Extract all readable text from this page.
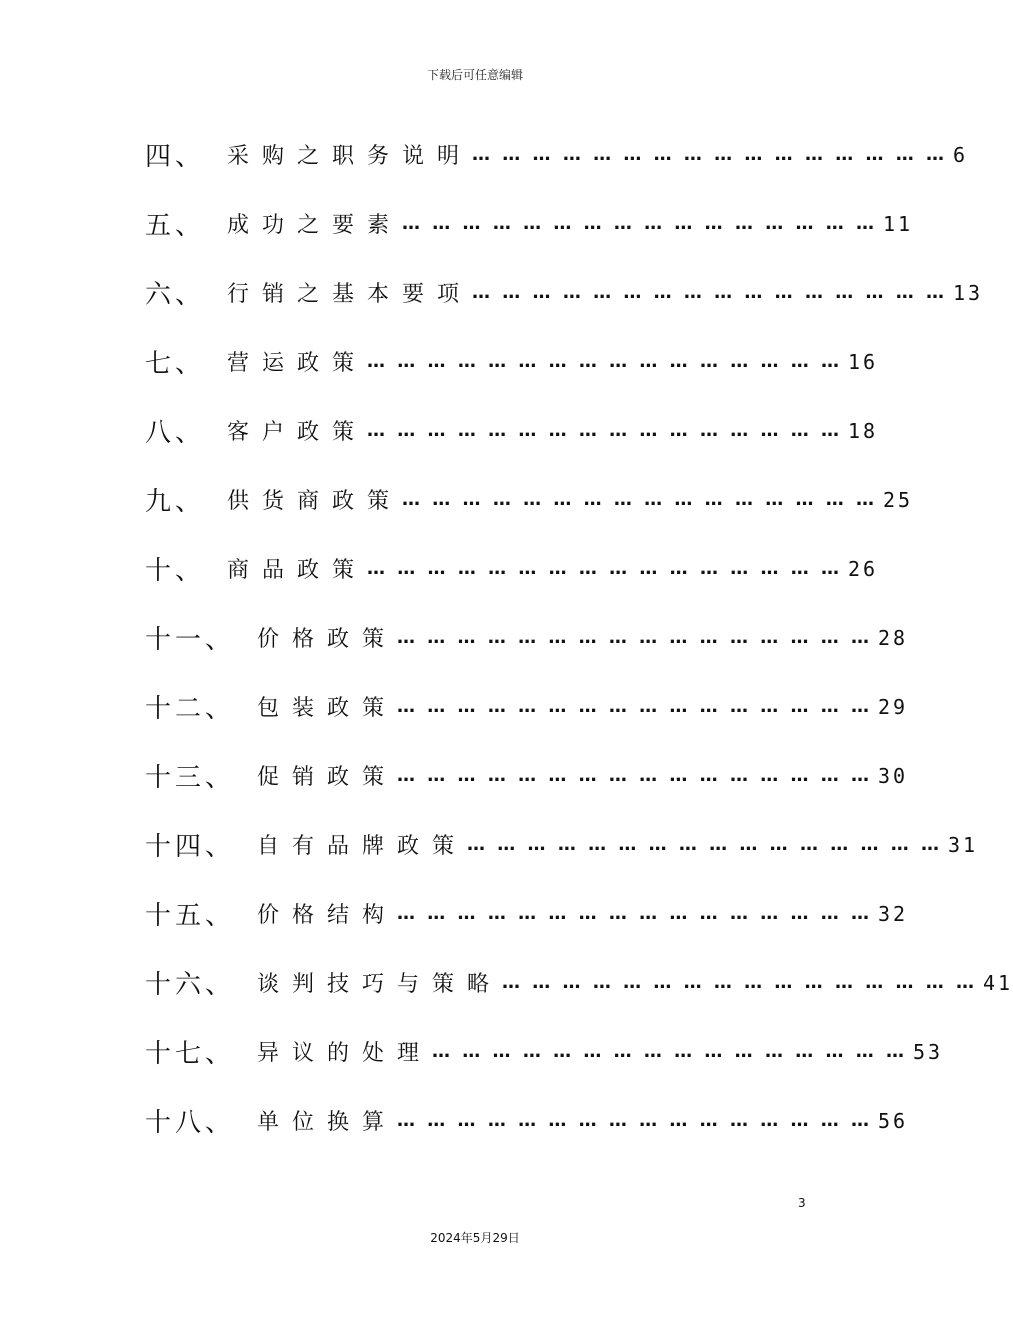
下载后可任意编辑
四、 采购之职务说明 … … … … … … … … … … … … … … … … 6
五、 成功之要素 … … … … … … … … … … … … … … … … 11
六、 行销之基本要项 … … … … … … … … … … … … … … … … 13
七、 营运政策 … … … … … … … … … … … … … … … … 16
八、 客户政策 … … … … … … … … … … … … … … … … 18
九、 供货商政策 … … … … … … … … … … … … … … … … 25
十、 商品政策 … … … … … … … … … … … … … … … … 26
十一、 价格政策 … … … … … … … … … … … … … … … … 28
十二、 包装政策 … … … … … … … … … … … … … … … … 29
十三、 促销政策 … … … … … … … … … … … … … … … … 30
十四、 自有品牌政策 … … … … … … … … … … … … … … … … 31
十五、 价格结构 … … … … … … … … … … … … … … … … 32
十六、 谈判技巧与策略 … … … … … … … … … … … … … … … … 41
十七、 异议的处理 … … … … … … … … … … … … … … … … 53
十八、 单位换算 … … … … … … … … … … … … … … … … 56
3
2024年5月29日
